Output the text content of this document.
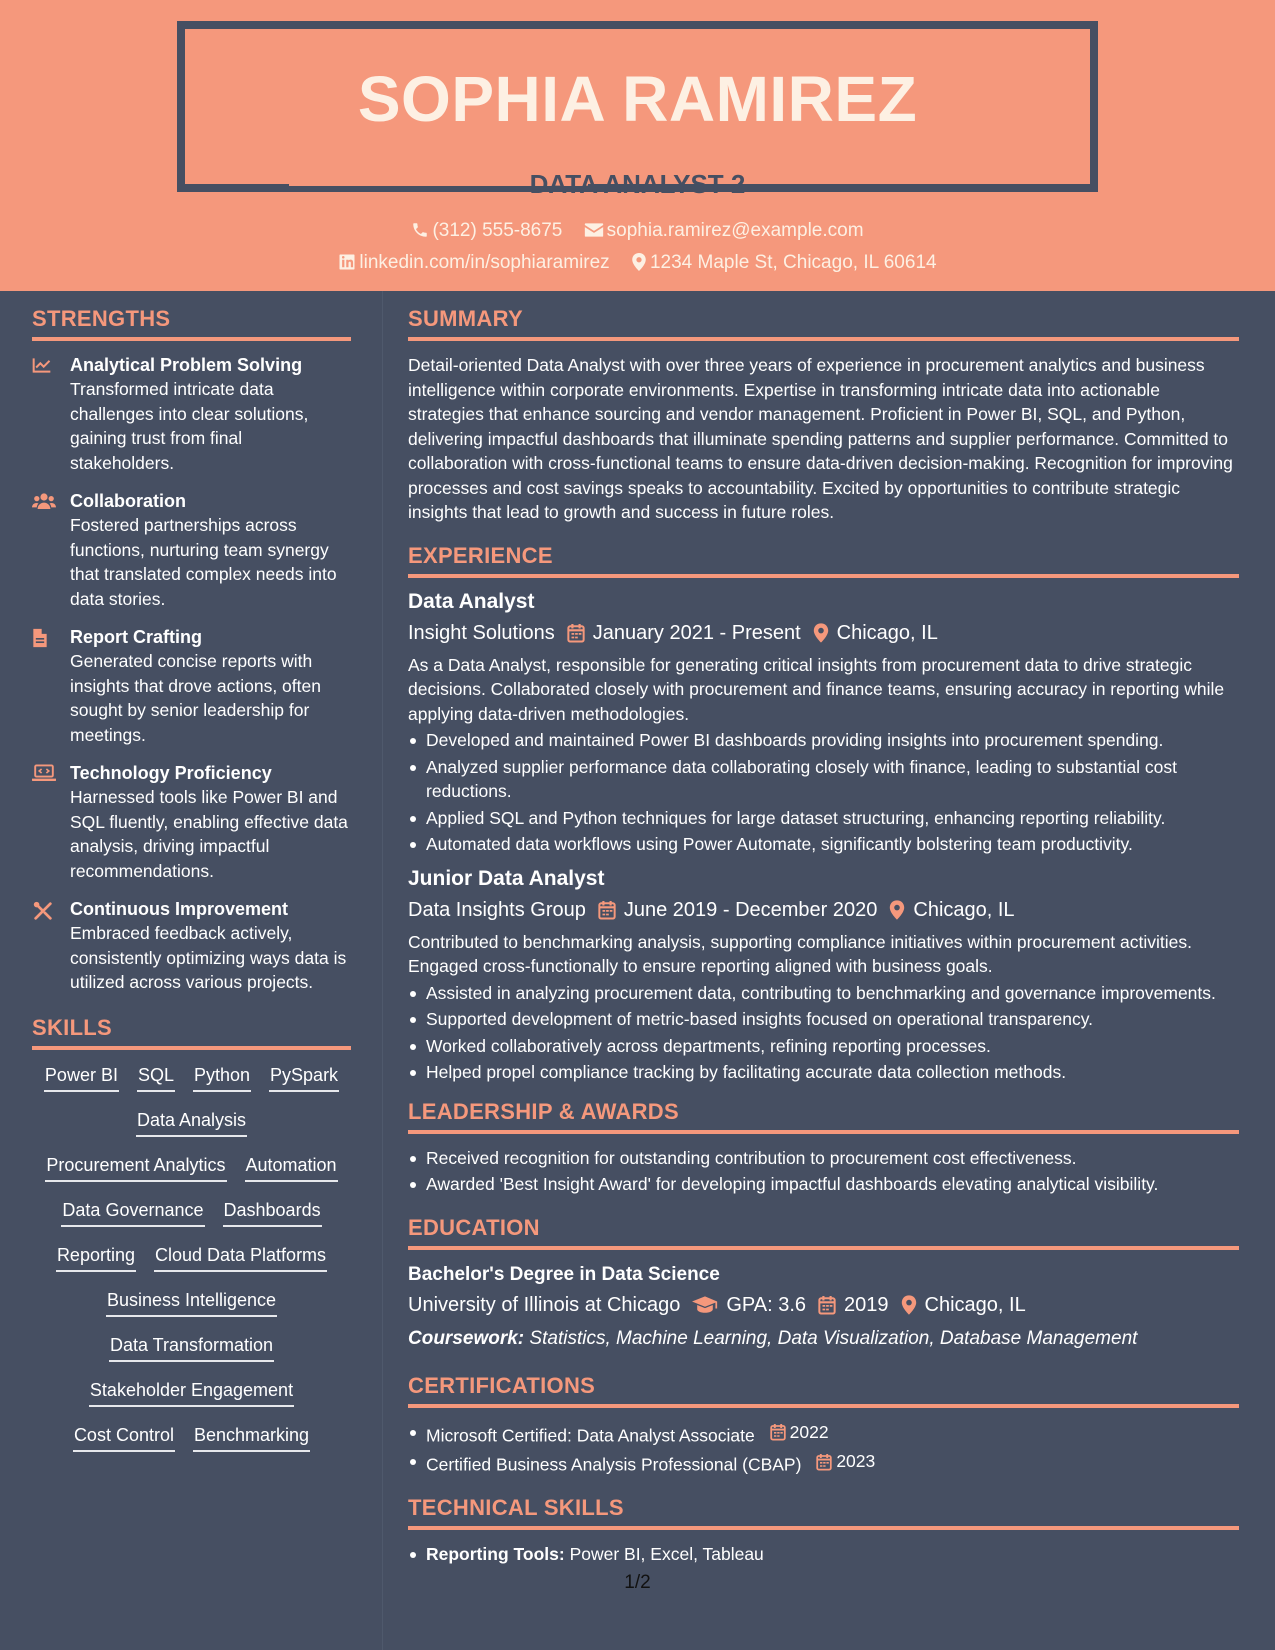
SOPHIA RAMIREZ
DATA ANALYST 2
(312) 555-8675 sophia.ramirez@example.com
linkedin.com/in/sophiaramirez 1234 Maple St, Chicago, IL 60614
STRENGTHS
Analytical Problem Solving
Transformed intricate data challenges into clear solutions, gaining trust from final stakeholders.
Collaboration
Fostered partnerships across functions, nurturing team synergy that translated complex needs into data stories.
Report Crafting
Generated concise reports with insights that drove actions, often sought by senior leadership for meetings.
Technology Proficiency
Harnessed tools like Power BI and SQL fluently, enabling effective data analysis, driving impactful recommendations.
Continuous Improvement
Embraced feedback actively, consistently optimizing ways data is utilized across various projects.
SKILLS
Power BI SQL Python PySpark
Data Analysis
Procurement Analytics Automation
Data Governance Dashboards
Reporting Cloud Data Platforms
Business Intelligence
Data Transformation
Stakeholder Engagement
Cost Control Benchmarking
SUMMARY
Detail-oriented Data Analyst with over three years of experience in procurement analytics and business intelligence within corporate environments. Expertise in transforming intricate data into actionable strategies that enhance sourcing and vendor management. Proficient in Power BI, SQL, and Python, delivering impactful dashboards that illuminate spending patterns and supplier performance. Committed to collaboration with cross-functional teams to ensure data-driven decision-making. Recognition for improving processes and cost savings speaks to accountability. Excited by opportunities to contribute strategic insights that lead to growth and success in future roles.
EXPERIENCE
Data Analyst
Insight Solutions January 2021 - Present Chicago, IL
As a Data Analyst, responsible for generating critical insights from procurement data to drive strategic decisions. Collaborated closely with procurement and finance teams, ensuring accuracy in reporting while applying data-driven methodologies.
Developed and maintained Power BI dashboards providing insights into procurement spending.
Analyzed supplier performance data collaborating closely with finance, leading to substantial cost reductions.
Applied SQL and Python techniques for large dataset structuring, enhancing reporting reliability.
Automated data workflows using Power Automate, significantly bolstering team productivity.
Junior Data Analyst
Data Insights Group June 2019 - December 2020 Chicago, IL
Contributed to benchmarking analysis, supporting compliance initiatives within procurement activities. Engaged cross-functionally to ensure reporting aligned with business goals.
Assisted in analyzing procurement data, contributing to benchmarking and governance improvements.
Supported development of metric-based insights focused on operational transparency.
Worked collaboratively across departments, refining reporting processes.
Helped propel compliance tracking by facilitating accurate data collection methods.
LEADERSHIP & AWARDS
Received recognition for outstanding contribution to procurement cost effectiveness.
Awarded 'Best Insight Award' for developing impactful dashboards elevating analytical visibility.
EDUCATION
Bachelor's Degree in Data Science
University of Illinois at Chicago GPA: 3.6 2019 Chicago, IL
Coursework: Statistics, Machine Learning, Data Visualization, Database Management
CERTIFICATIONS
Microsoft Certified: Data Analyst Associate 2022
Certified Business Analysis Professional (CBAP) 2023
TECHNICAL SKILLS
Reporting Tools: Power BI, Excel, Tableau
1/2
